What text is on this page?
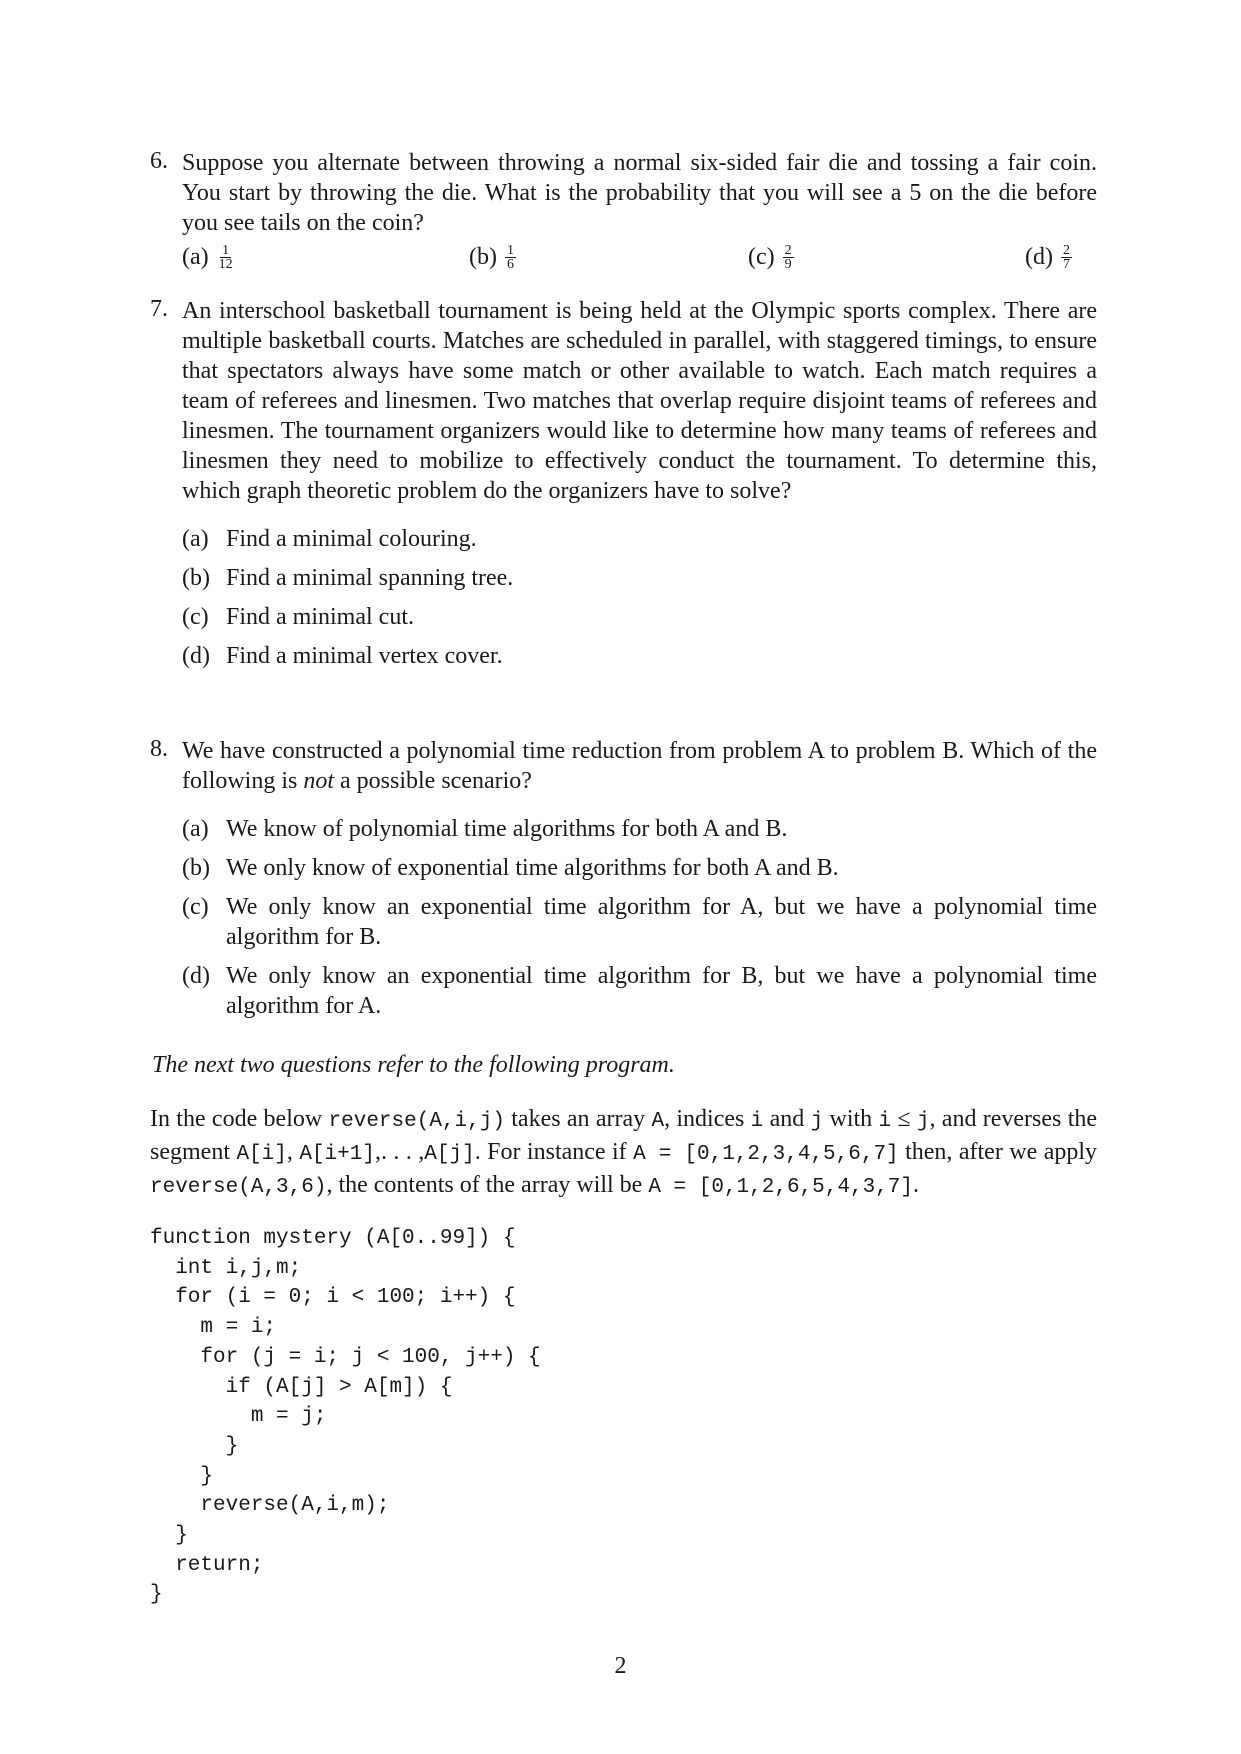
6. Suppose you alternate between throwing a normal six-sided fair die and tossing a fair coin. You start by throwing the die. What is the probability that you will see a 5 on the die before you see tails on the coin?
$(a) \frac{1}{12}$	$(b) \frac{1}{6}$	$(c) \frac{2}{9}$	$(d) \frac{2}{7}$
7. An interschool basketball tournament is being held at the Olympic sports complex. There are multiple basketball courts. Matches are scheduled in parallel, with staggered timings, to ensure that spectators always have some match or other available to watch. Each match requires a team of referees and linesmen. Two matches that overlap require disjoint teams of referees and linesmen. The tournament organizers would like to determine how many teams of referees and linesmen they need to mobilize to effectively conduct the tournament. To determine this, which graph theoretic problem do the organizers have to solve?
(a) Find a minimal colouring.
(b) Find a minimal spanning tree.
(c) Find a minimal cut.
(d) Find a minimal vertex cover.
8. We have constructed a polynomial time reduction from problem A to problem B. Which of the following is not a possible scenario?
(a) We know of polynomial time algorithms for both A and B.
(b) We only know of exponential time algorithms for both A and B.
(c) We only know an exponential time algorithm for A, but we have a polynomial time algorithm for B.
(d) We only know an exponential time algorithm for B, but we have a polynomial time algorithm for A.
The next two questions refer to the following program.
In the code below reverse(A,i,j) takes an array A, indices i and j with i ≤ j, and reverses the segment A[i], A[i+1],. . . ,A[j]. For instance if A = [0,1,2,3,4,5,6,7] then, after we apply reverse(A,3,6), the contents of the array will be A = [0,1,2,6,5,4,3,7].
function mystery (A[0..99]) {
int i,j,m;
for (i = 0; i < 100; i++) {
m = i;
for (j = i; j < 100, j++) {
if (A[j] > A[m]) {
m = j;
}
}
reverse(A,i,m);
}
return;
}
2
